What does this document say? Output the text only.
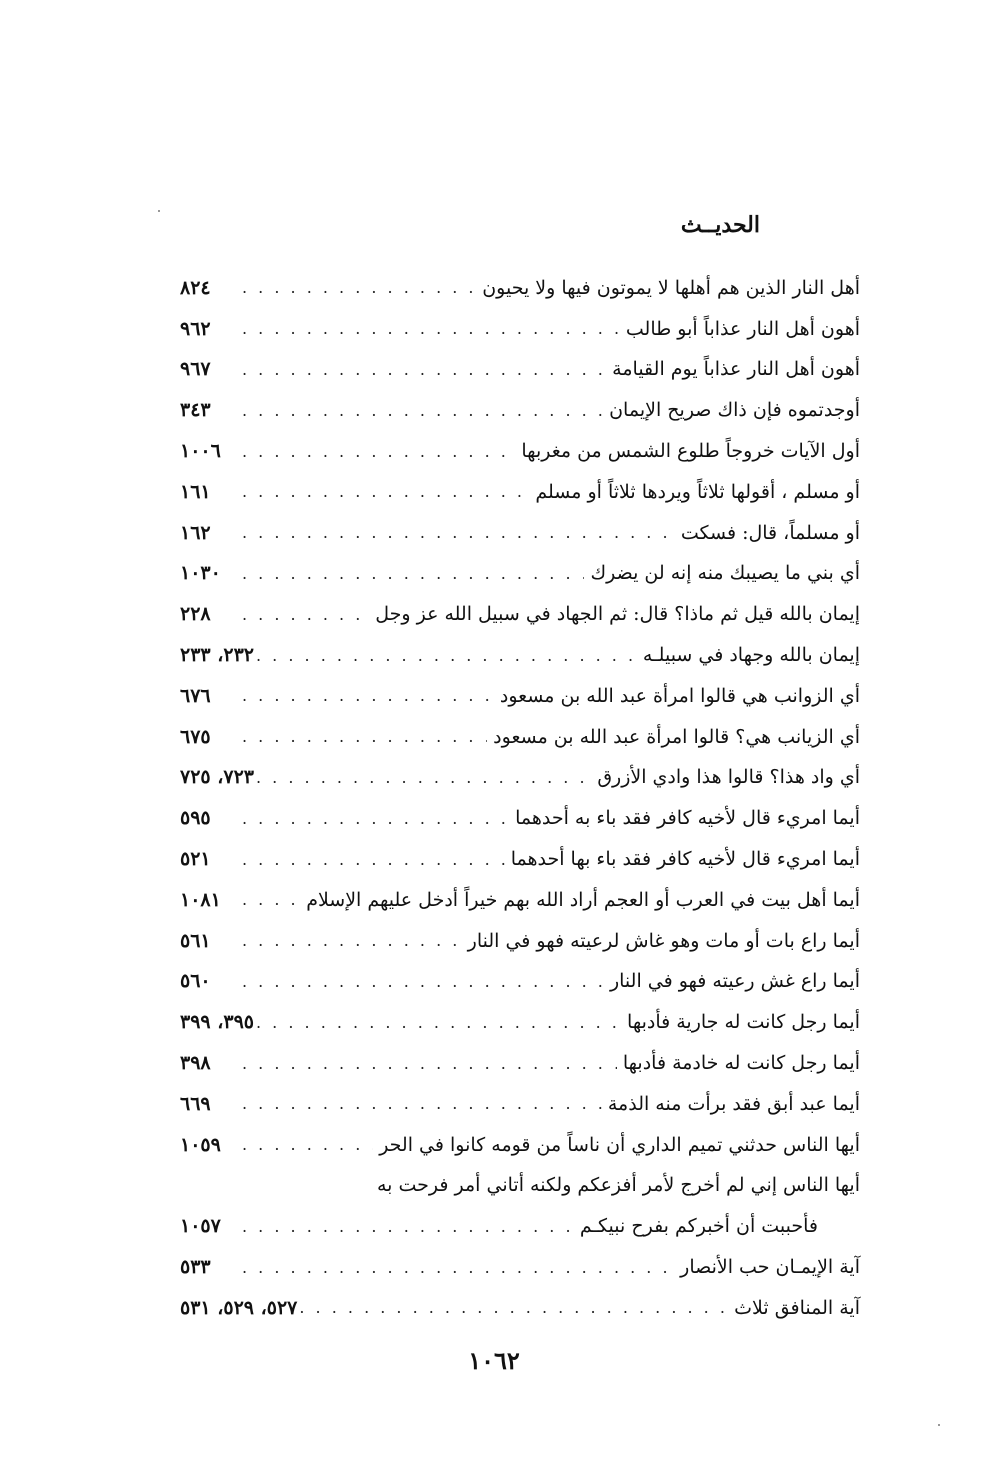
الحديــث
أهل النار الذين هم أهلها لا يموتون فيها ولا يحيون
. . .
٨٢٤
أهون أهل النار عذاباً أبو طالب
. . .
٩٦٢
أهون أهل النار عذاباً يوم القيامة
. . .
٩٦٧
أوجدتموه فإن ذاك صريح الإيمان
. . .
٣٤٣
أول الآيات خروجاً طلوع الشمس من مغربها
. . .
١٠٠٦
أو مسلم ، أقولها ثلاثاً ويردها ثلاثاً أو مسلم
. . .
١٦١
أو مسلماً، قال: فسكت
. . .
١٦٢
أي بني ما يصيبك منه إنه لن يضرك
. . .
١٠٣٠
إيمان بالله قيل ثم ماذا؟ قال: ثم الجهاد في سبيل الله عز وجل
. . .
٢٢٨
إيمان بالله وجهاد في سبيلـه
. . .
٢٣٢، ٢٣٣
أي الزوانب هي قالوا امرأة عبد الله بن مسعود
. . .
٦٧٦
أي الزيانب هي؟ قالوا امرأة عبد الله بن مسعود
. . .
٦٧٥
أي واد هذا؟ قالوا هذا وادي الأزرق
. . .
٧٢٣، ٧٢٥
أيما امريء قال لأخيه كافر فقد باء به أحدهما
. . .
٥٩٥
أيما امريء قال لأخيه كافر فقد باء بها أحدهما
. . .
٥٢١
أيما أهل بيت في العرب أو العجم أراد الله بهم خيراً أدخل عليهم الإسلام
. . .
١٠٨١
أيما راع بات أو مات وهو غاش لرعيته فهو في النار
. . .
٥٦١
أيما راع غش رعيته فهو في النار
. . .
٥٦٠
أيما رجل كانت له جارية فأدبها
. . .
٣٩٥، ٣٩٩
أيما رجل كانت له خادمة فأدبها
. . .
٣٩٨
أيما عبد أبق فقد برأت منه الذمة
. . .
٦٦٩
أيها الناس حدثني تميم الداري أن ناساً من قومه كانوا في الحر
. . .
١٠٥٩
أيها الناس إني لم أخرج لأمر أفزعكم ولكنه أتاني أمر فرحت به
فأحببت أن أخبركم بفرح نبيكـم
. . .
١٠٥٧
آية الإيمـان حب الأنصار
. . .
٥٣٣
آية المنافق ثلاث
. . .
٥٢٧، ٥٢٩، ٥٣١
١٠٦٢
